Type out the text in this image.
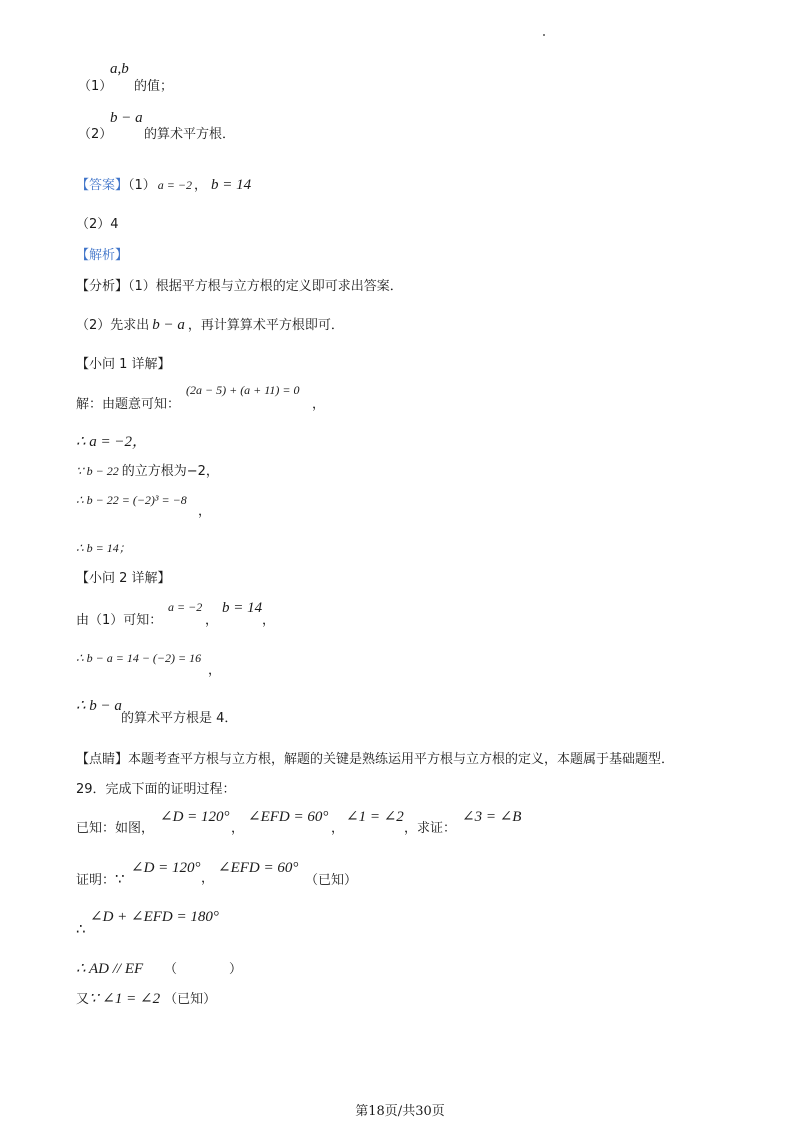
（1）
a,b
的值；
（2）
b − a
的算术平方根．
【答案】（1） a = −2 ， b = 14
（2）4
【解析】
【分析】（1）根据平方根与立方根的定义即可求出答案．
（2）先求出 b − a ，再计算算术平方根即可．
【小问 1 详解】
解：由题意可知：
(2a − 5) + (a + 11) = 0
，
∴ a = −2，
∵ b − 22 的立方根为−2，
∴ b − 22 = (−2)³ = −8
，
∴ b = 14；
【小问 2 详解】
由（1）可知：
a = −2
，
b = 14
，
∴ b − a = 14 − (−2) = 16
，
∴ b − a
的算术平方根是 4．
【点睛】本题考查平方根与立方根，解题的关键是熟练运用平方根与立方根的定义，本题属于基础题型．
29．完成下面的证明过程：
已知：如图，
∠D = 120°
，
∠EFD = 60°
，
∠1 = ∠2
，求证：
∠3 = ∠B
证明：∵
∠D = 120°
，
∠EFD = 60°
（已知）
∴
∠D + ∠EFD = 180°
∴ AD // EF （	）
又∵ ∠1 = ∠2 （已知）
第18页/共30页
